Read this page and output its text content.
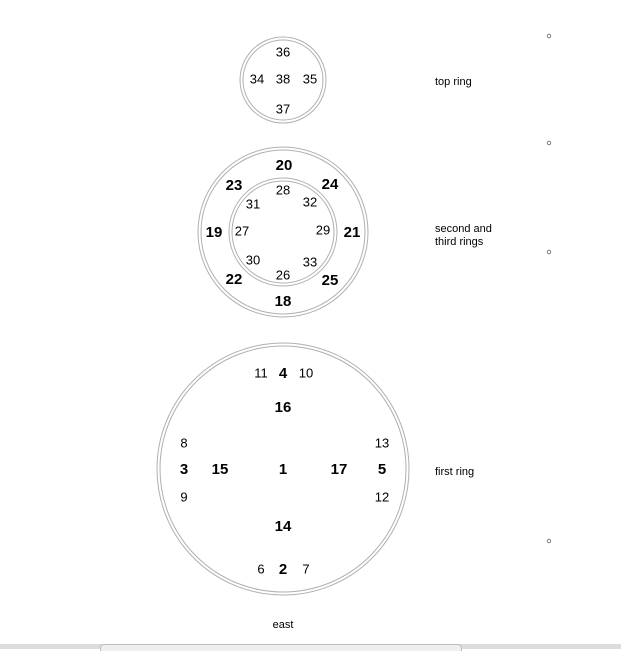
36
34 38 35
37
top ring
20
23	24
19	21
22	25
18
28
31	32
27	29
30	33
26
second and
third rings
11 4 10
16
8	13
3 15	1	17 5
9	12
14
6 2 7
first ring
east
